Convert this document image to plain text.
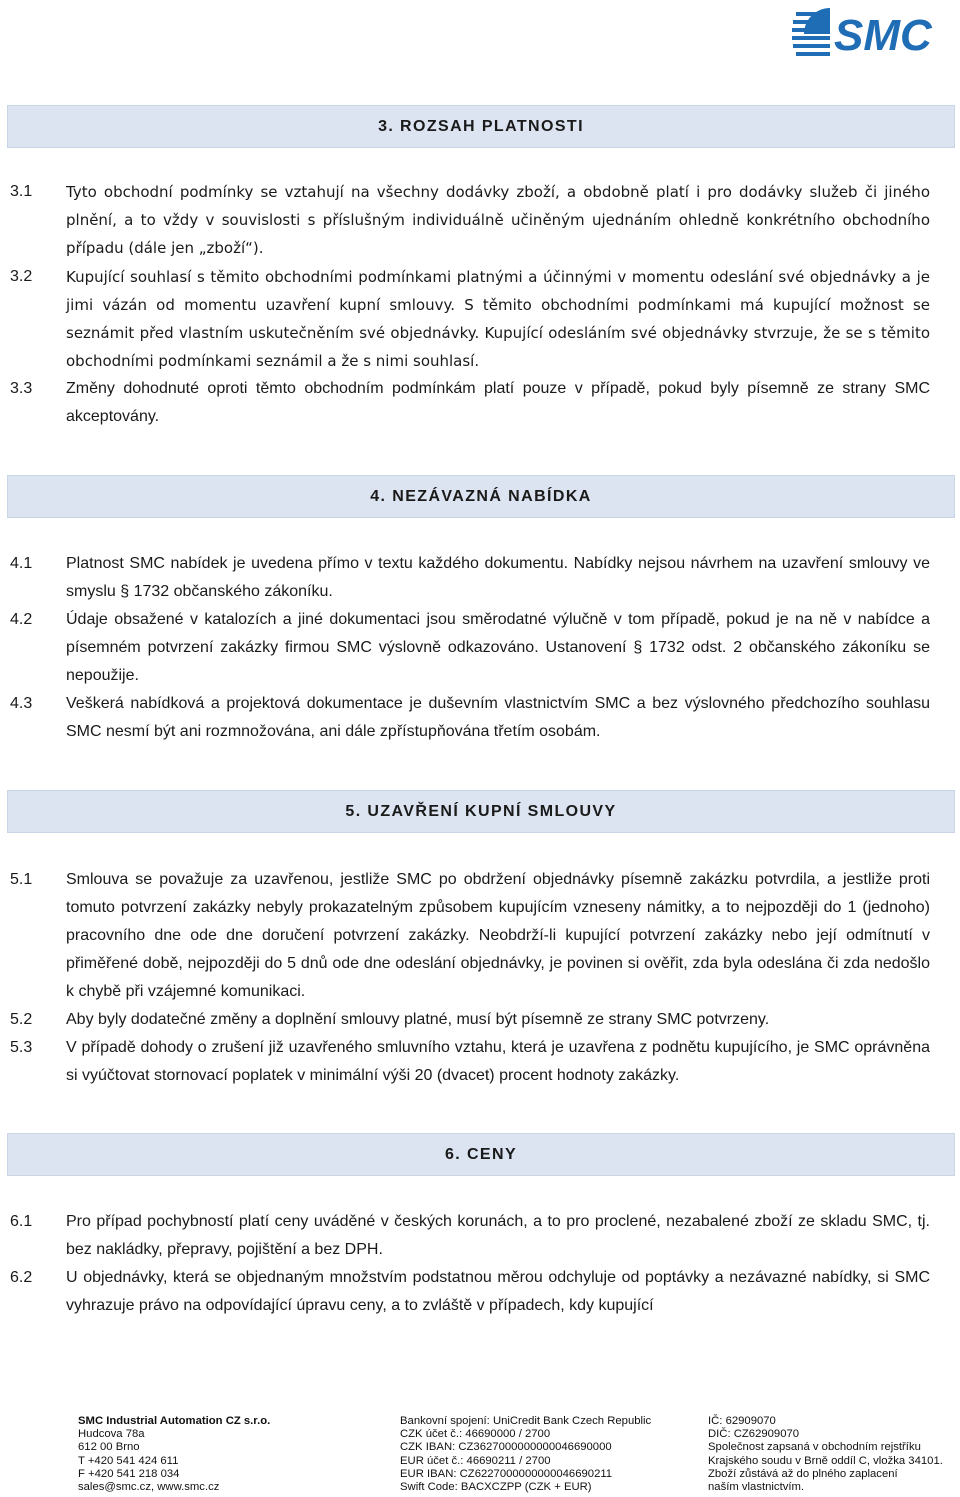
SMC
3. ROZSAH PLATNOSTI
3.1	Tyto obchodní podmínky se vztahují na všechny dodávky zboží, a obdobně platí i pro dodávky služeb či jiného plnění, a to vždy v souvislosti s příslušným individuálně učiněným ujednáním ohledně konkrétního obchodního případu (dále jen „zboží“).
3.2	Kupující souhlasí s těmito obchodními podmínkami platnými a účinnými v momentu odeslání své objednávky a je jimi vázán od momentu uzavření kupní smlouvy. S těmito obchodními podmínkami má kupující možnost se seznámit před vlastním uskutečněním své objednávky. Kupující odesláním své objednávky stvrzuje, že se s těmito obchodními podmínkami seznámil a že s nimi souhlasí.
3.3	Změny dohodnuté oproti těmto obchodním podmínkám platí pouze v případě, pokud byly písemně ze strany SMC akceptovány.
4. NEZÁVAZNÁ NABÍDKA
4.1	Platnost SMC nabídek je uvedena přímo v textu každého dokumentu. Nabídky nejsou návrhem na uzavření smlouvy ve smyslu § 1732 občanského zákoníku.
4.2	Údaje obsažené v katalozích a jiné dokumentaci jsou směrodatné výlučně v tom případě, pokud je na ně v nabídce a písemném potvrzení zakázky firmou SMC výslovně odkazováno. Ustanovení § 1732 odst. 2 občanského zákoníku se nepoužije.
4.3	Veškerá nabídková a projektová dokumentace je duševním vlastnictvím SMC a bez výslovného předchozího souhlasu SMC nesmí být ani rozmnožována, ani dále zpřístupňována třetím osobám.
5. UZAVŘENÍ KUPNÍ SMLOUVY
5.1	Smlouva se považuje za uzavřenou, jestliže SMC po obdržení objednávky písemně zakázku potvrdila, a jestliže proti tomuto potvrzení zakázky nebyly prokazatelným způsobem kupujícím vzneseny námitky, a to nejpozději do 1 (jednoho) pracovního dne ode dne doručení potvrzení zakázky. Neobdrží-li kupující potvrzení zakázky nebo její odmítnutí v přiměřené době, nejpozději do 5 dnů ode dne odeslání objednávky, je povinen si ověřit, zda byla odeslána či zda nedošlo k chybě při vzájemné komunikaci.
5.2	Aby byly dodatečné změny a doplnění smlouvy platné, musí být písemně ze strany SMC potvrzeny.
5.3	V případě dohody o zrušení již uzavřeného smluvního vztahu, která je uzavřena z podnětu kupujícího, je SMC oprávněna si vyúčtovat stornovací poplatek v minimální výši 20 (dvacet) procent hodnoty zakázky.
6. CENY
6.1	Pro případ pochybností platí ceny uváděné v českých korunách, a to pro proclené, nezabalené zboží ze skladu SMC, tj. bez nakládky, přepravy, pojištění a bez DPH.
6.2	U objednávky, která se objednaným množstvím podstatnou měrou odchyluje od poptávky a nezávazné nabídky, si SMC vyhrazuje právo na odpovídající úpravu ceny, a to zvláště v případech, kdy kupující
SMC Industrial Automation CZ s.r.o.
Hudcova 78a
612 00 Brno
T +420 541 424 611
F +420 541 218 034
sales@smc.cz, www.smc.cz
Bankovní spojení: UniCredit Bank Czech Republic
CZK účet č.: 46690000 / 2700
CZK IBAN: CZ3627000000000046690000
EUR účet č.: 46690211 / 2700
EUR IBAN: CZ6227000000000046690211
Swift Code: BACXCZPP (CZK + EUR)
IČ: 62909070
DIČ: CZ62909070
Společnost zapsaná v obchodním rejstříku
Krajského soudu v Brně oddíl C, vložka 34101.
Zboží zůstává až do plného zaplacení
naším vlastnictvím.
